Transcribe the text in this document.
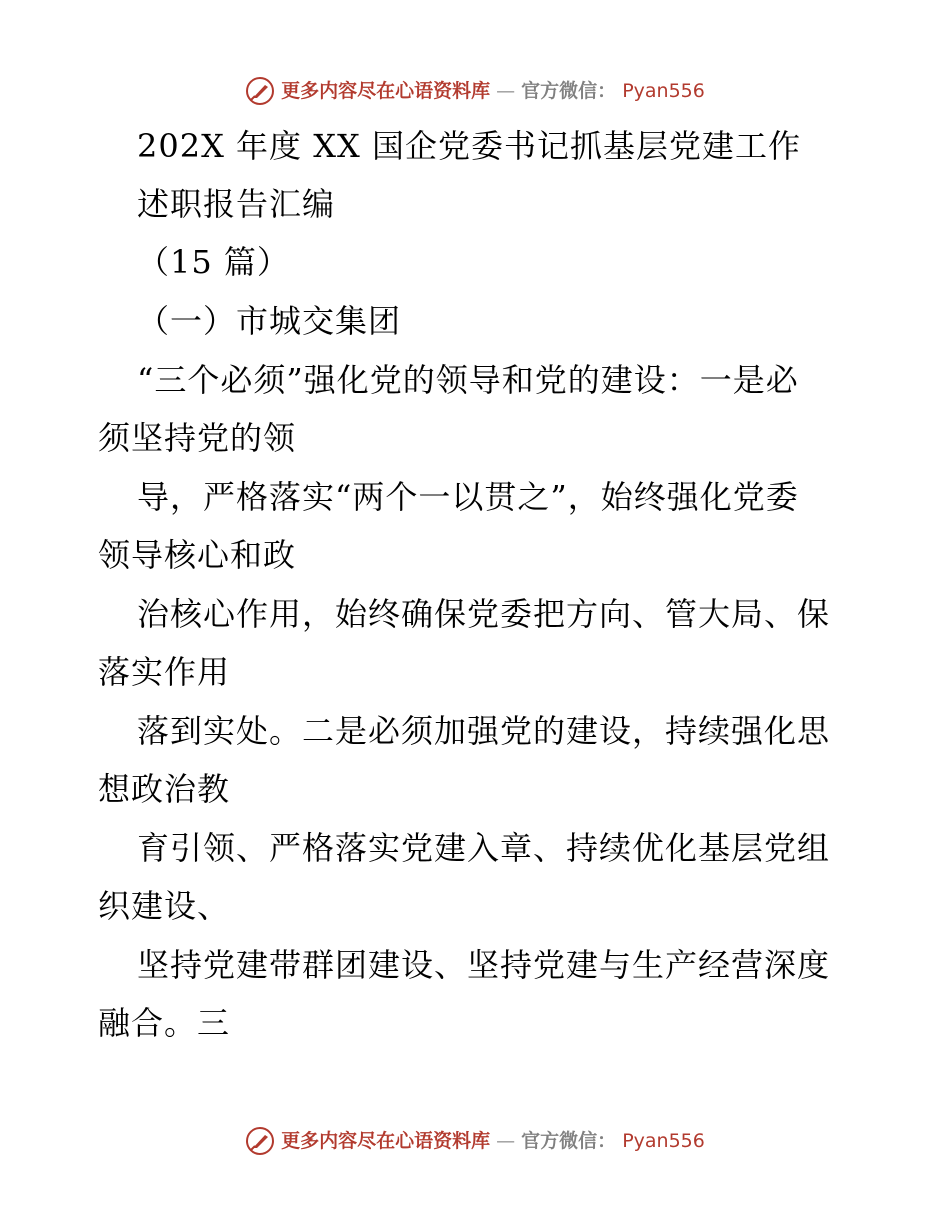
更多内容尽在心语资料库 — 官方微信： Pyan556
202X 年度 XX 国企党委书记抓基层党建工作
述职报告汇编
（15 篇）
（一）市城交集团
“三个必须”强化党的领导和党的建设：一是必
须坚持党的领
导，严格落实“两个一以贯之”，始终强化党委
领导核心和政
治核心作用，始终确保党委把方向、管大局、保
落实作用
落到实处。二是必须加强党的建设，持续强化思
想政治教
育引领、严格落实党建入章、持续优化基层党组
织建设、
坚持党建带群团建设、坚持党建与生产经营深度
融合。三
更多内容尽在心语资料库 — 官方微信： Pyan556
